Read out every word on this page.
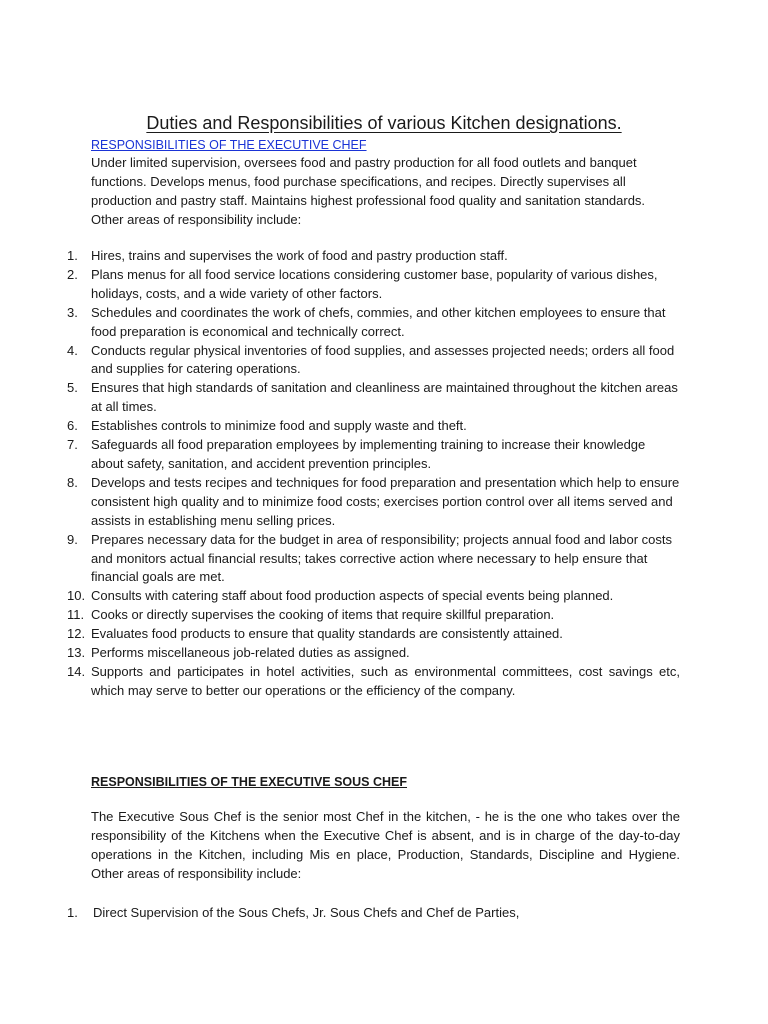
Duties and Responsibilities of various Kitchen designations.
RESPONSIBILITIES OF THE EXECUTIVE CHEF

Under limited supervision, oversees food and pastry production for all food outlets and banquet functions. Develops menus, food purchase specifications, and recipes. Directly supervises all production and pastry staff. Maintains highest professional food quality and sanitation standards. Other areas of responsibility include:

1. Hires, trains and supervises the work of food and pastry production staff.
2. Plans menus for all food service locations considering customer base, popularity of various dishes, holidays, costs, and a wide variety of other factors.
3. Schedules and coordinates the work of chefs, commies, and other kitchen employees to ensure that food preparation is economical and technically correct.
4. Conducts regular physical inventories of food supplies, and assesses projected needs; orders all food and supplies for catering operations.
5. Ensures that high standards of sanitation and cleanliness are maintained throughout the kitchen areas at all times.
6. Establishes controls to minimize food and supply waste and theft.
7. Safeguards all food preparation employees by implementing training to increase their knowledge about safety, sanitation, and accident prevention principles.
8. Develops and tests recipes and techniques for food preparation and presentation which help to ensure consistent high quality and to minimize food costs; exercises portion control over all items served and assists in establishing menu selling prices.
9. Prepares necessary data for the budget in area of responsibility; projects annual food and labor costs and monitors actual financial results; takes corrective action where necessary to help ensure that financial goals are met.
10. Consults with catering staff about food production aspects of special events being planned.
11. Cooks or directly supervises the cooking of items that require skillful preparation.
12. Evaluates food products to ensure that quality standards are consistently attained.
13. Performs miscellaneous job-related duties as assigned.
14. Supports and participates in hotel activities, such as environmental committees, cost savings etc, which may serve to better our operations or the efficiency of the company.
RESPONSIBILITIES OF THE EXECUTIVE SOUS CHEF

The Executive Sous Chef is the senior most Chef in the kitchen, - he is the one who takes over the responsibility of the Kitchens when the Executive Chef is absent, and is in charge of the day-to-day operations in the Kitchen, including Mis en place, Production, Standards, Discipline and Hygiene. Other areas of responsibility include:

1. Direct Supervision of the Sous Chefs, Jr. Sous Chefs and Chef de Parties,
